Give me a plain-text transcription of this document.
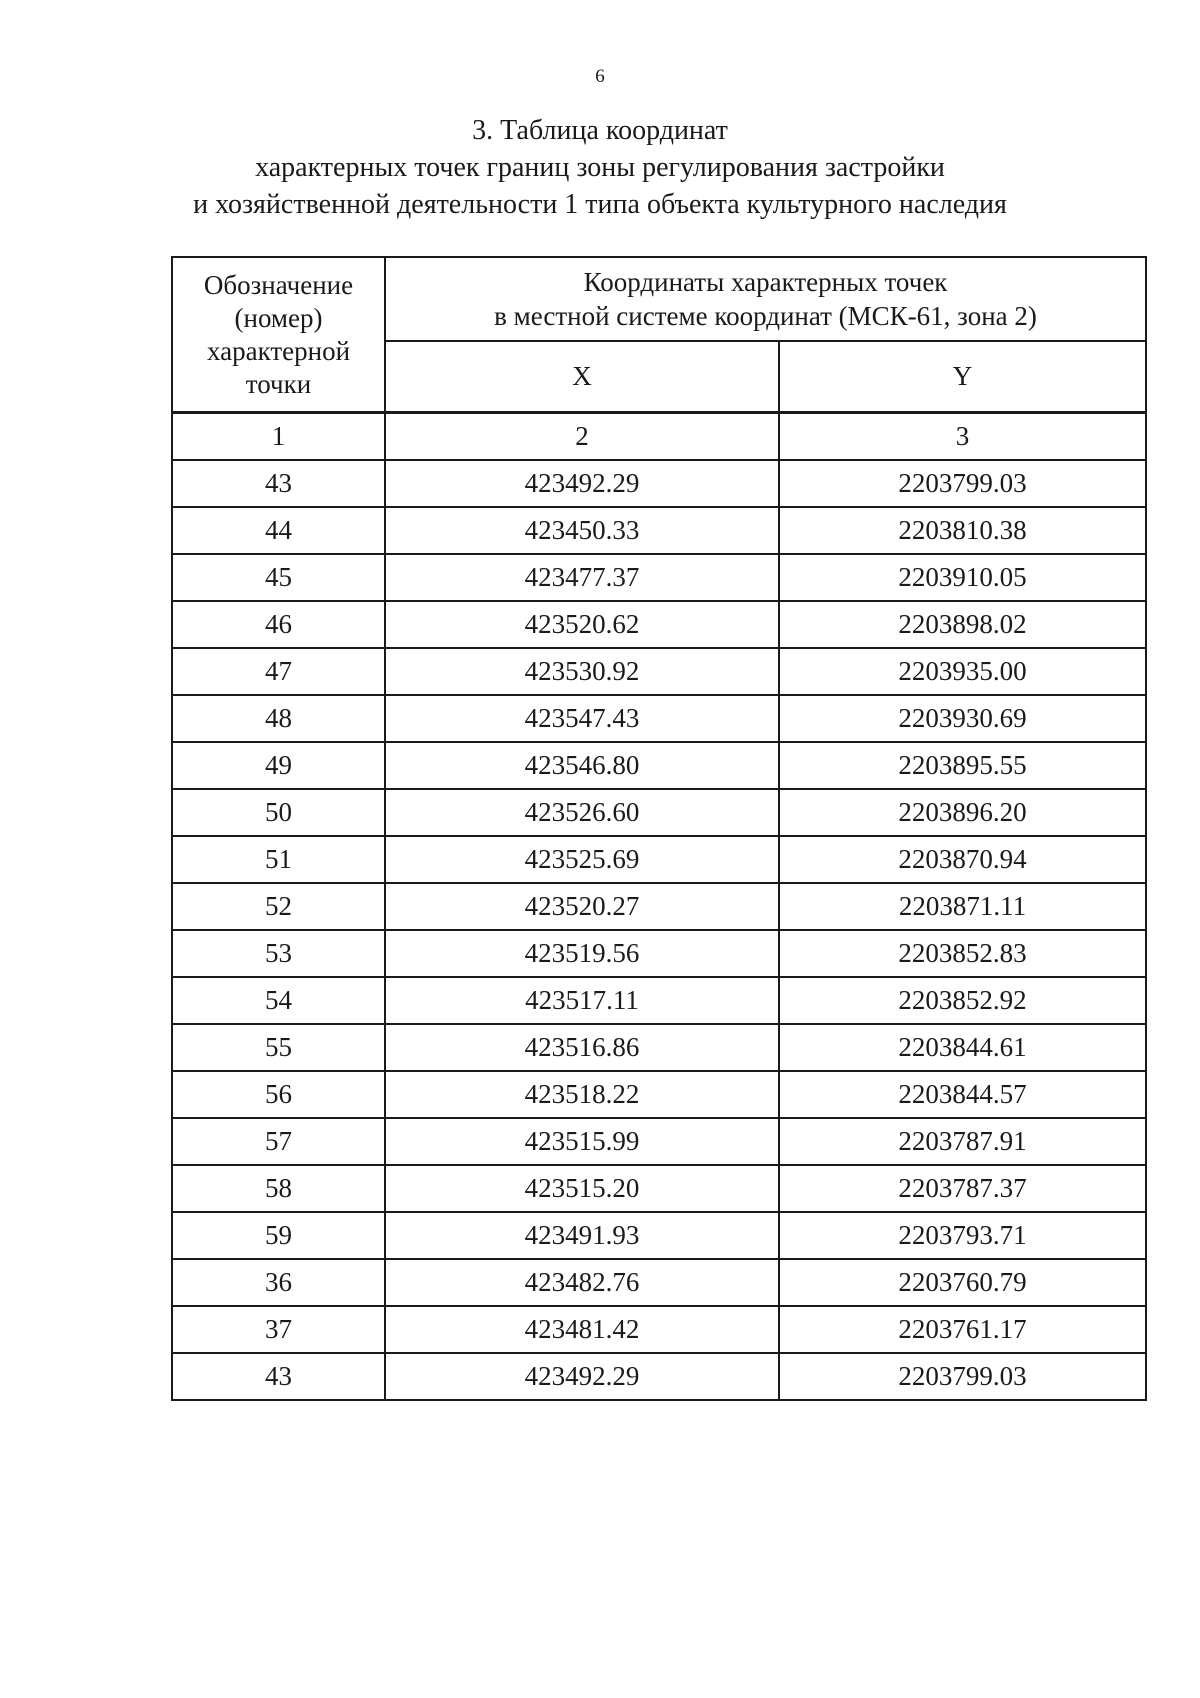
6
3. Таблица координат
характерных точек границ зоны регулирования застройки
и хозяйственной деятельности 1 типа объекта культурного наследия
Обозначение
(номер)
характерной
точки	Координаты характерных точек
в местной системе координат (МСК-61, зона 2)	

	X	Y
1	2	3
43	423492.29	2203799.03
44	423450.33	2203810.38
45	423477.37	2203910.05
46	423520.62	2203898.02
47	423530.92	2203935.00
48	423547.43	2203930.69
49	423546.80	2203895.55
50	423526.60	2203896.20
51	423525.69	2203870.94
52	423520.27	2203871.11
53	423519.56	2203852.83
54	423517.11	2203852.92
55	423516.86	2203844.61
56	423518.22	2203844.57
57	423515.99	2203787.91
58	423515.20	2203787.37
59	423491.93	2203793.71
36	423482.76	2203760.79
37	423481.42	2203761.17
43	423492.29	2203799.03
